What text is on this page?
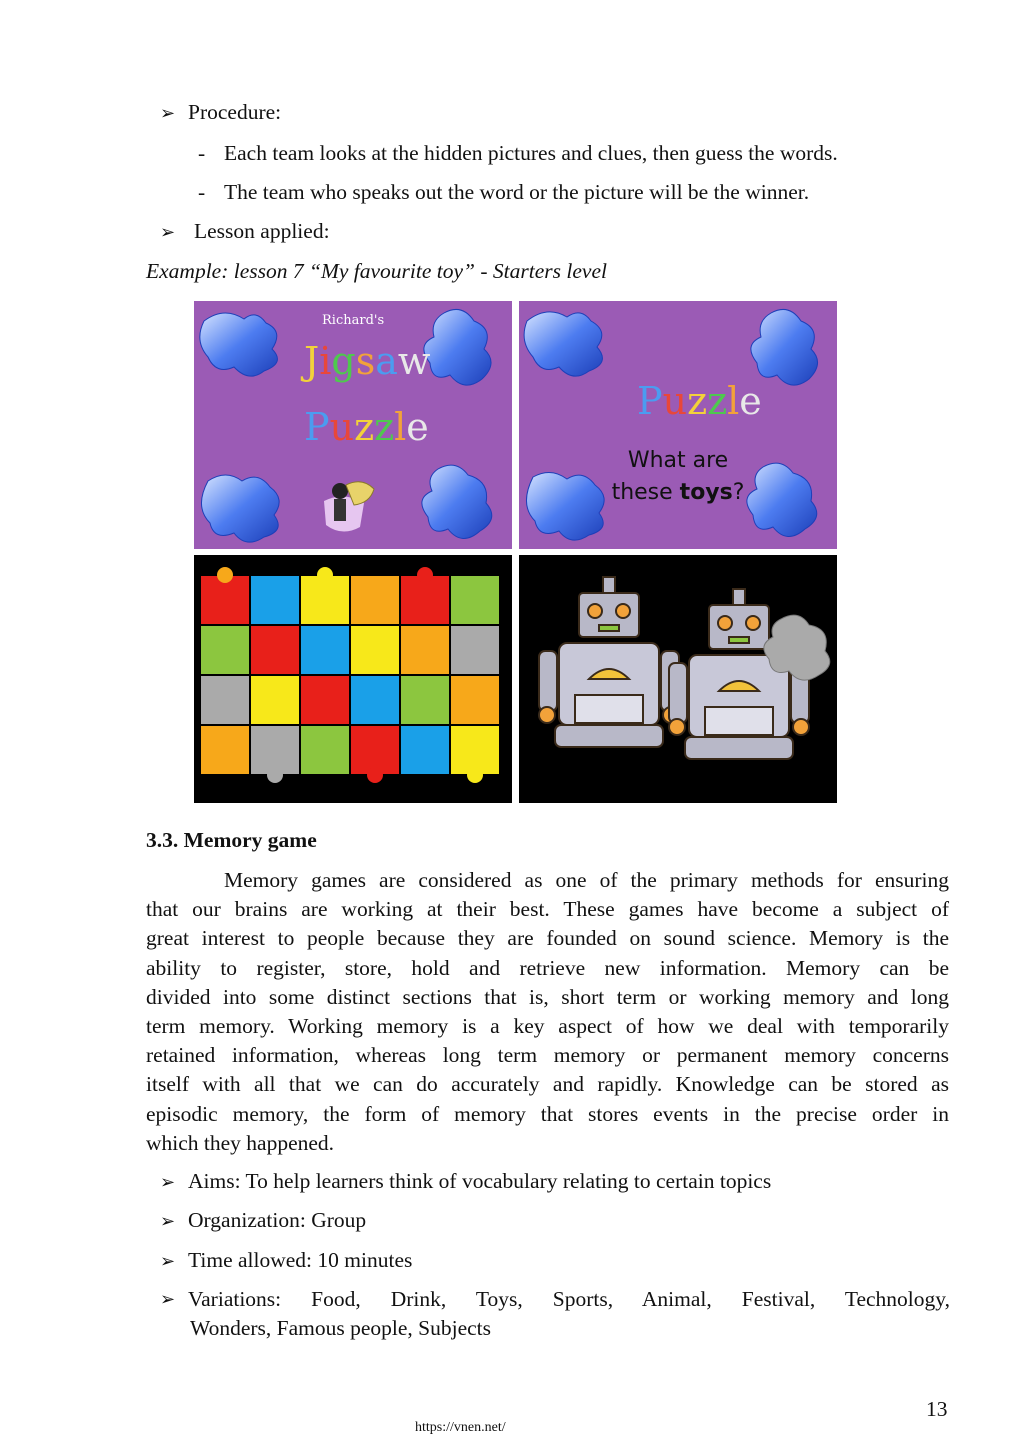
➢ Procedure:
- Each team looks at the hidden pictures and clues, then guess the words.
- The team who speaks out the word or the picture will be the winner.
➢ Lesson applied:
Example: lesson 7 “My favourite toy” - Starters level
Richard's
Jigsaw
Puzzle
Puzzle
What are
these toys?
3.3. Memory game
Memory games are considered as one of the primary methods for ensuring
that our brains are working at their best. These games have become a subject of
great interest to people because they are founded on sound science. Memory is the
ability to register, store, hold and retrieve new information. Memory can be
divided into some distinct sections that is, short term or working memory and long
term memory. Working memory is a key aspect of how we deal with temporarily
retained information, whereas long term memory or permanent memory concerns
itself with all that we can do accurately and rapidly. Knowledge can be stored as
episodic memory, the form of memory that stores events in the precise order in
which they happened.
➢ Aims: To help learners think of vocabulary relating to certain topics
➢ Organization: Group
➢ Time allowed: 10 minutes
➢ Variations: Food, Drink, Toys, Sports, Animal, Festival, Technology,
Wonders, Famous people, Subjects
13
https://vnen.net/
